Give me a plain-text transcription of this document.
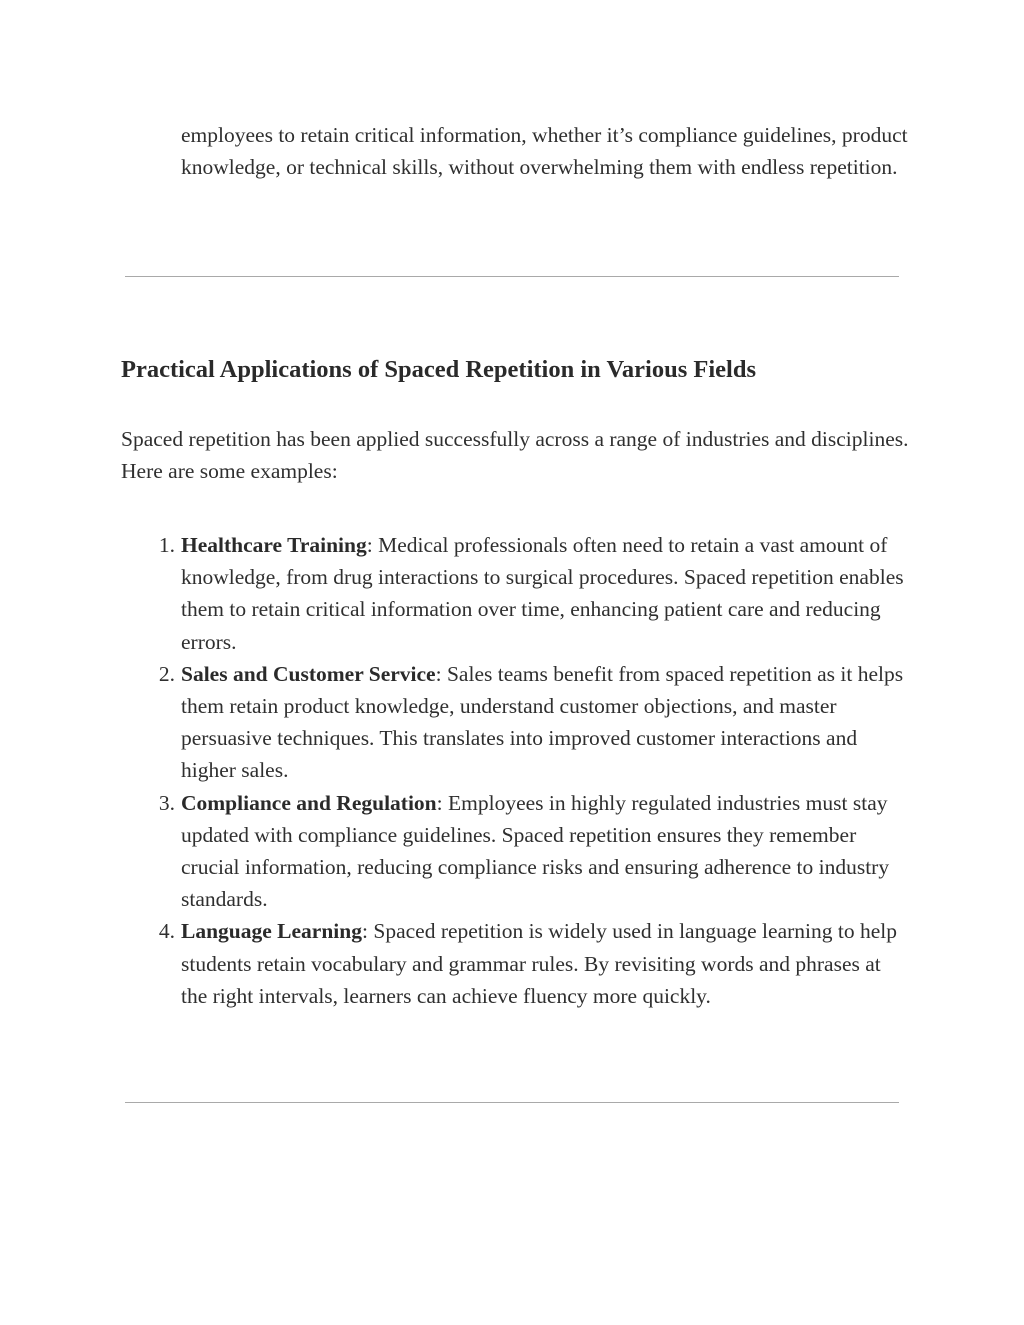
employees to retain critical information, whether it’s compliance guidelines, product knowledge, or technical skills, without overwhelming them with endless repetition.

Practical Applications of Spaced Repetition in Various Fields

Spaced repetition has been applied successfully across a range of industries and disciplines. Here are some examples:

1. Healthcare Training: Medical professionals often need to retain a vast amount of knowledge, from drug interactions to surgical procedures. Spaced repetition enables them to retain critical information over time, enhancing patient care and reducing errors.
2. Sales and Customer Service: Sales teams benefit from spaced repetition as it helps them retain product knowledge, understand customer objections, and master persuasive techniques. This translates into improved customer interactions and higher sales.
3. Compliance and Regulation: Employees in highly regulated industries must stay updated with compliance guidelines. Spaced repetition ensures they remember crucial information, reducing compliance risks and ensuring adherence to industry standards.
4. Language Learning: Spaced repetition is widely used in language learning to help students retain vocabulary and grammar rules. By revisiting words and phrases at the right intervals, learners can achieve fluency more quickly.
